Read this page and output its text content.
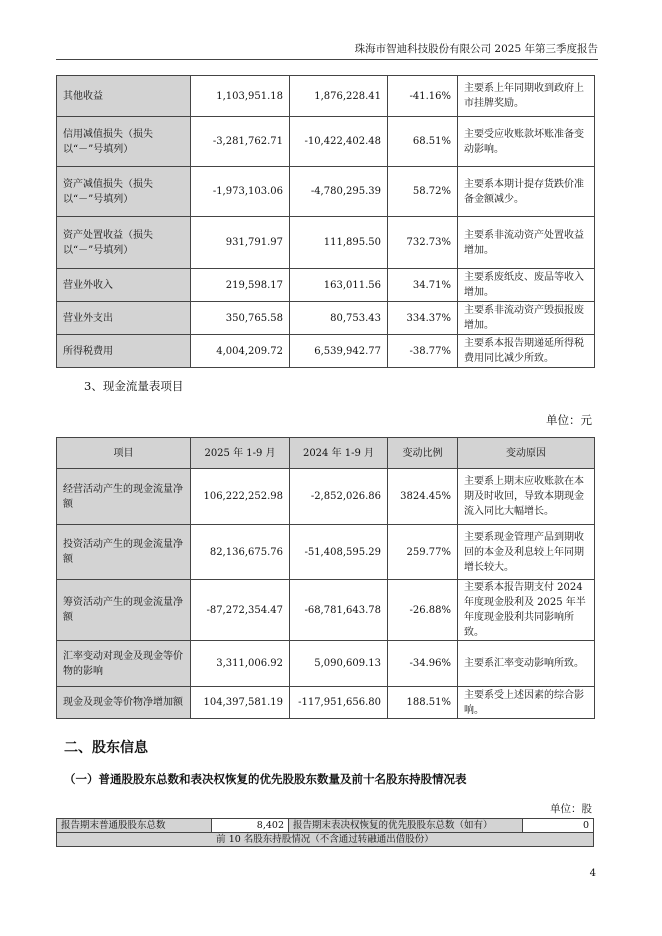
珠海市智迪科技股份有限公司 2025 年第三季度报告
其他收益	1,103,951.18	1,876,228.41	-41.16%	主要系上年同期收到政府上市挂牌奖励。
信用减值损失（损失以“－”号填列）	-3,281,762.71	-10,422,402.48	68.51%	主要受应收账款坏账准备变动影响。
资产减值损失（损失以“－”号填列）	-1,973,103.06	-4,780,295.39	58.72%	主要系本期计提存货跌价准备金额减少。
资产处置收益（损失以“－”号填列）	931,791.97	111,895.50	732.73%	主要系非流动资产处置收益增加。
营业外收入	219,598.17	163,011.56	34.71%	主要系废纸皮、废品等收入增加。
营业外支出	350,765.58	80,753.43	334.37%	主要系非流动资产毁损报废增加。
所得税费用	4,004,209.72	6,539,942.77	-38.77%	主要系本报告期递延所得税费用同比减少所致。
3、现金流量表项目
单位：元
项目	2025 年 1-9 月	2024 年 1-9 月	变动比例	变动原因
经营活动产生的现金流量净额	106,222,252.98	-2,852,026.86	3824.45%	主要系上期末应收账款在本期及时收回，导致本期现金流入同比大幅增长。
投资活动产生的现金流量净额	82,136,675.76	-51,408,595.29	259.77%	主要系现金管理产品到期收回的本金及利息较上年同期增长较大。
筹资活动产生的现金流量净额	-87,272,354.47	-68,781,643.78	-26.88%	主要系本报告期支付 2024 年度现金股利及 2025 年半年度现金股利共同影响所致。
汇率变动对现金及现金等价物的影响	3,311,006.92	5,090,609.13	-34.96%	主要系汇率变动影响所致。
现金及现金等价物净增加额	104,397,581.19	-117,951,656.80	188.51%	主要系受上述因素的综合影响。
二、股东信息
（一）普通股股东总数和表决权恢复的优先股股东数量及前十名股东持股情况表
单位：股
报告期末普通股股东总数	8,402	报告期末表决权恢复的优先股股东总数（如有）	0
前 10 名股东持股情况（不含通过转融通出借股份）
4
